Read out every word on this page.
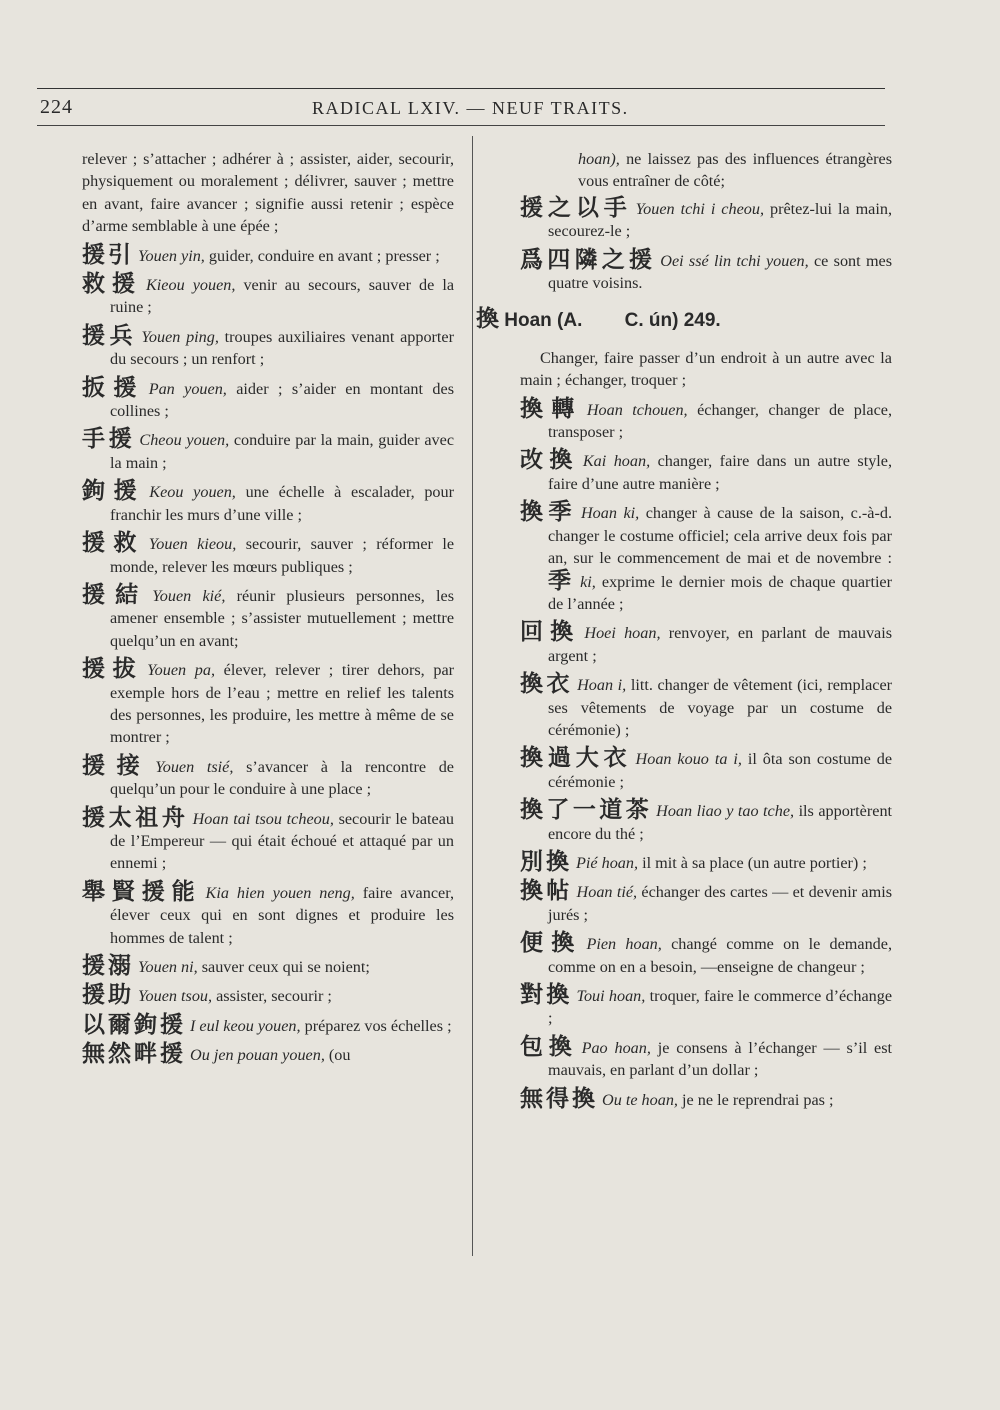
224	RADICAL LXIV. — NEUF TRAITS.

relever ; s’attacher ; adhérer à ; assister, aider, secourir, physiquement ou moralement ; délivrer, sauver ; mettre en avant, faire avancer ; signifie aussi retenir ; espèce d’arme semblable à une épée ;

援引 Youen yin, guider, conduire en avant ; presser ;
救援 Kieou youen, venir au secours, sauver de la ruine ;
援兵 Youen ping, troupes auxiliaires venant apporter du secours ; un renfort ;
扳援 Pan youen, aider ; s’aider en montant des collines ;
手援 Cheou youen, conduire par la main, guider avec la main ;
鉤援 Keou youen, une échelle à escalader, pour franchir les murs d’une ville ;
援救 Youen kieou, secourir, sauver ; réformer le monde, relever les mœurs publiques ;
援結 Youen kié, réunir plusieurs personnes, les amener ensemble ; s’assister mutuellement ; mettre quelqu’un en avant;
援拔 Youen pa, élever, relever ; tirer dehors, par exemple hors de l’eau ; mettre en relief les talents des personnes, les produire, les mettre à même de se montrer ;
援接 Youen tsié, s’avancer à la rencontre de quelqu’un pour le conduire à une place ;
援太祖舟 Hoan tai tsou tcheou, secourir le bateau de l’Empereur — qui était échoué et attaqué par un ennemi ;
舉賢援能 Kia hien youen neng, faire avancer, élever ceux qui en sont dignes et produire les hommes de talent ;
援溺 Youen ni, sauver ceux qui se noient;
援助 Youen tsou, assister, secourir ;
以爾鉤援 I eul keou youen, préparez vos échelles ;
無然畔援 Ou jen pouan youen, (ou

hoan), ne laissez pas des influences étrangères vous entraîner de côté;

援之以手 Youen tchi i cheou, prêtez-lui la main, secourez-le ;
爲四隣之援 Oei ssé lin tchi youen, ce sont mes quatre voisins.
換 Hoan (A.        C. ún) 249.

Changer, faire passer d’un endroit à un autre avec la main ; échanger, troquer ;

換轉 Hoan tchouen, échanger, changer de place, transposer ;
改換 Kai hoan, changer, faire dans un autre style, faire d’une autre manière ;
換季 Hoan ki, changer à cause de la saison, c.-à-d. changer le costume officiel; cela arrive deux fois par an, sur le commencement de mai et de novembre : 季 ki, exprime le dernier mois de chaque quartier de l’année ;
回換 Hoei hoan, renvoyer, en parlant de mauvais argent ;
換衣 Hoan i, litt. changer de vêtement (ici, remplacer ses vêtements de voyage par un costume de cérémonie) ;
換過大衣 Hoan kouo ta i, il ôta son costume de cérémonie ;
換了一道茶 Hoan liao y tao tche, ils apportèrent encore du thé ;
別換 Pié hoan, il mit à sa place (un autre portier) ;
換帖 Hoan tié, échanger des cartes — et devenir amis jurés ;
便換 Pien hoan, changé comme on le demande, comme on en a besoin, —enseigne de changeur ;
對換 Toui hoan, troquer, faire le commerce d’échange ;
包換 Pao hoan, je consens à l’échanger — s’il est mauvais, en parlant d’un dollar ;
無得換 Ou te hoan, je ne le reprendrai pas ;
